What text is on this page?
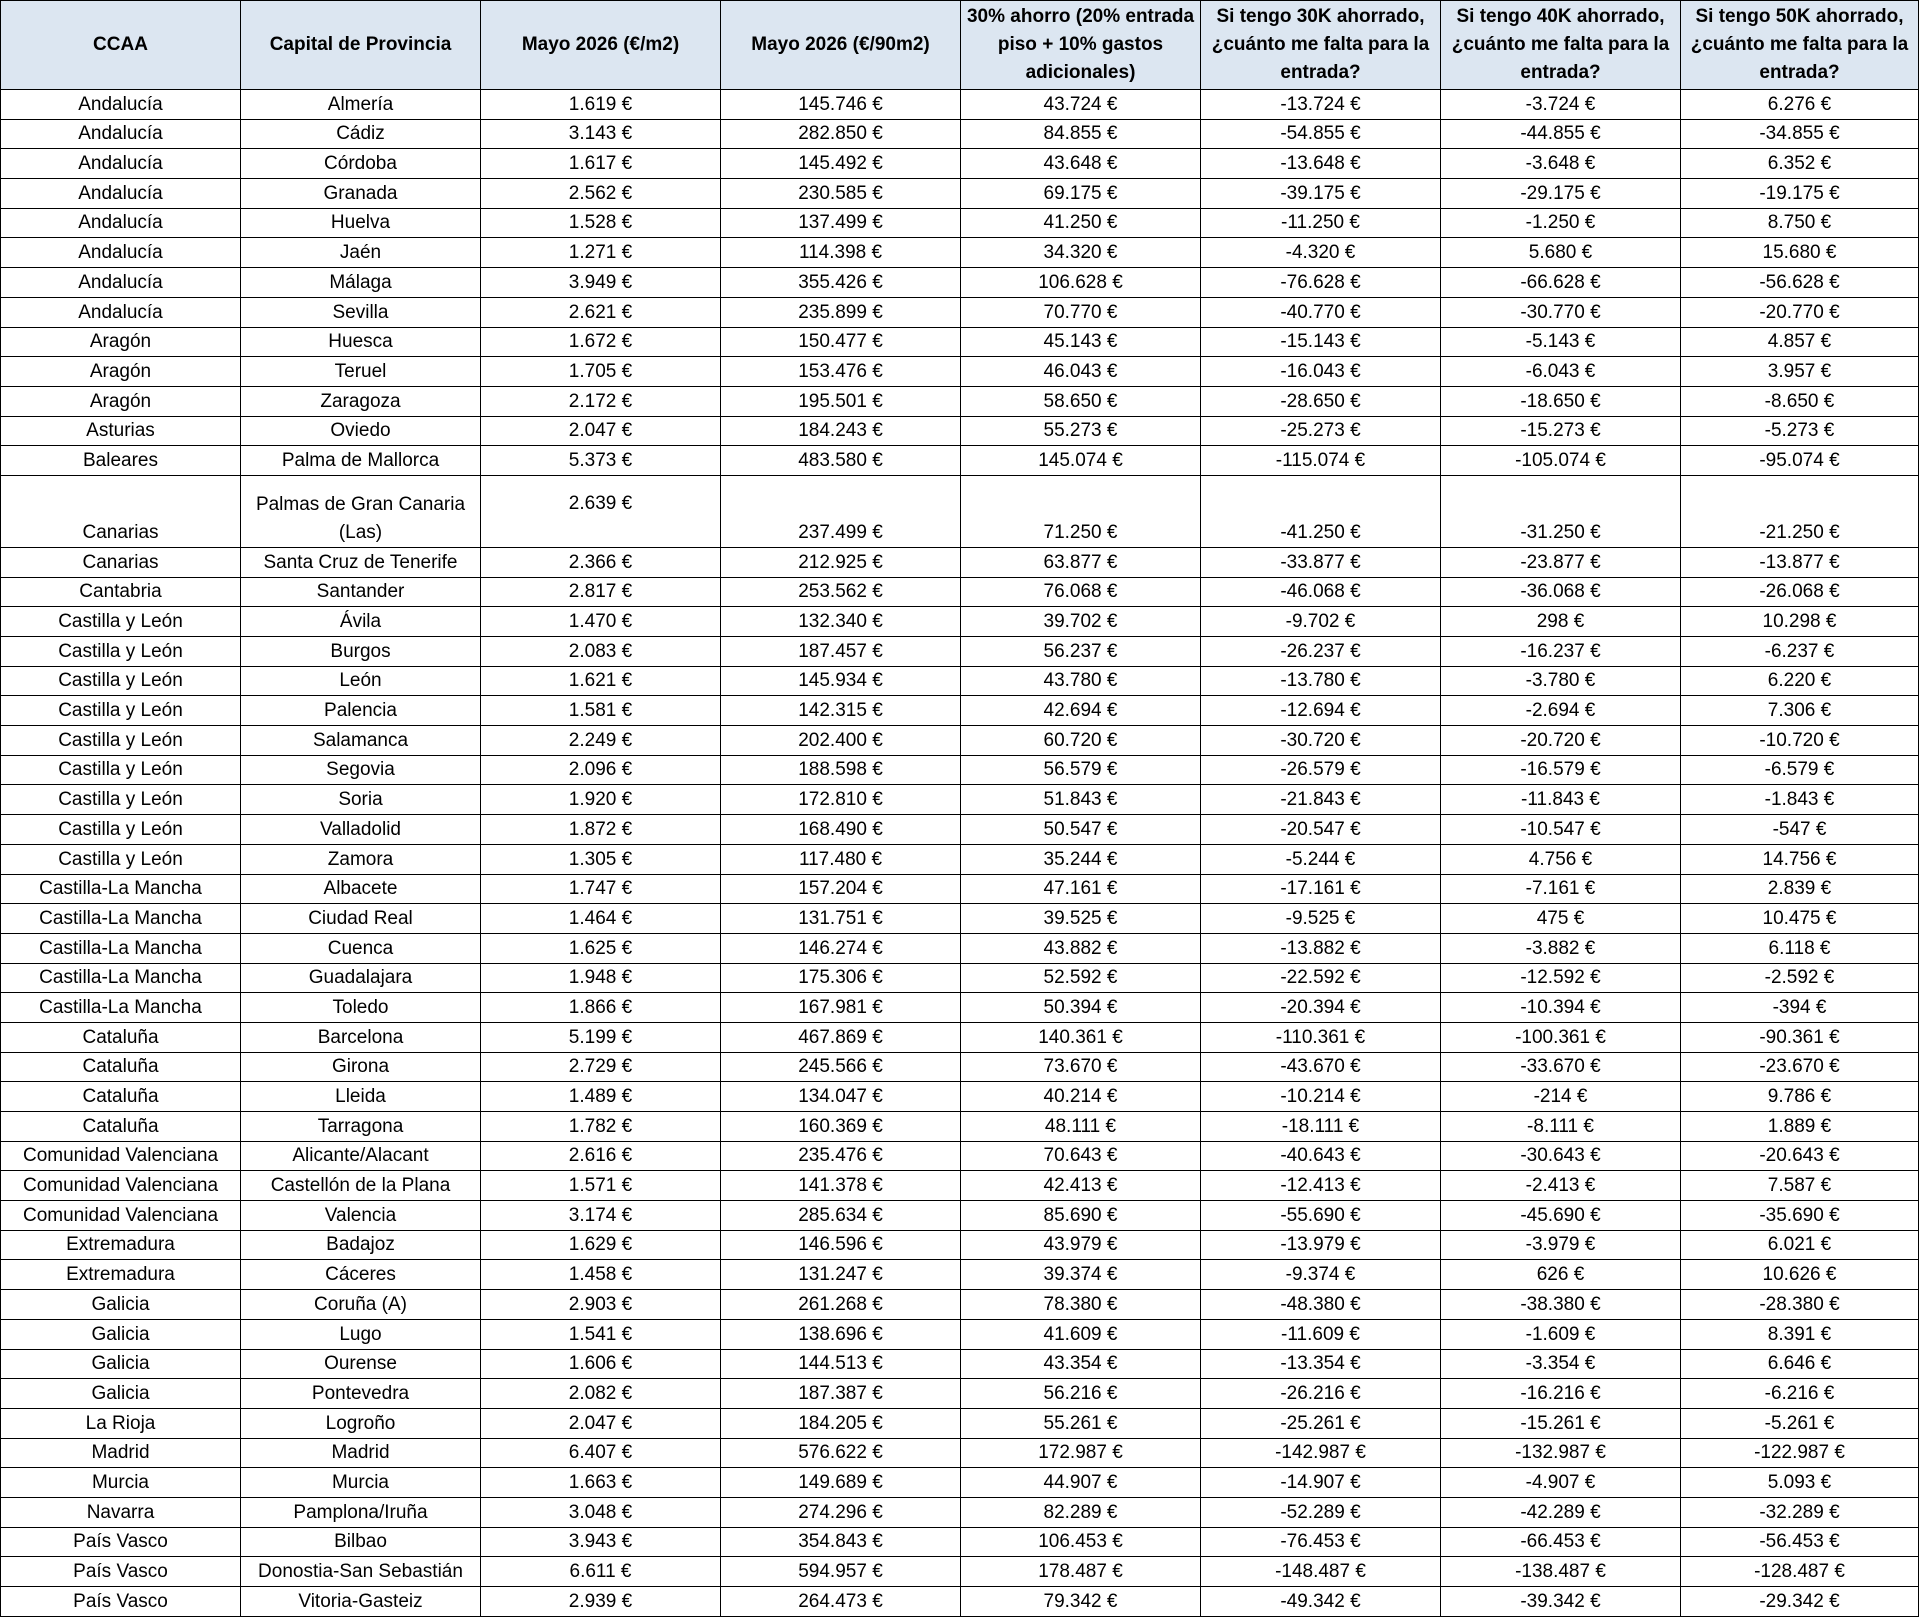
CCAA	Capital de Provincia	Mayo 2026 (€/m2)	Mayo 2026 (€/90m2)	30% ahorro (20% entrada piso + 10% gastos adicionales)	Si tengo 30K ahorrado, ¿cuánto me falta para la entrada?	Si tengo 40K ahorrado, ¿cuánto me falta para la entrada?	Si tengo 50K ahorrado, ¿cuánto me falta para la entrada?
Andalucía	Almería	1.619 €	145.746 €	43.724 €	-13.724 €	-3.724 €	6.276 €
Andalucía	Cádiz	3.143 €	282.850 €	84.855 €	-54.855 €	-44.855 €	-34.855 €
Andalucía	Córdoba	1.617 €	145.492 €	43.648 €	-13.648 €	-3.648 €	6.352 €
Andalucía	Granada	2.562 €	230.585 €	69.175 €	-39.175 €	-29.175 €	-19.175 €
Andalucía	Huelva	1.528 €	137.499 €	41.250 €	-11.250 €	-1.250 €	8.750 €
Andalucía	Jaén	1.271 €	114.398 €	34.320 €	-4.320 €	5.680 €	15.680 €
Andalucía	Málaga	3.949 €	355.426 €	106.628 €	-76.628 €	-66.628 €	-56.628 €
Andalucía	Sevilla	2.621 €	235.899 €	70.770 €	-40.770 €	-30.770 €	-20.770 €
Aragón	Huesca	1.672 €	150.477 €	45.143 €	-15.143 €	-5.143 €	4.857 €
Aragón	Teruel	1.705 €	153.476 €	46.043 €	-16.043 €	-6.043 €	3.957 €
Aragón	Zaragoza	2.172 €	195.501 €	58.650 €	-28.650 €	-18.650 €	-8.650 €
Asturias	Oviedo	2.047 €	184.243 €	55.273 €	-25.273 €	-15.273 €	-5.273 €
Baleares	Palma de Mallorca	5.373 €	483.580 €	145.074 €	-115.074 €	-105.074 €	-95.074 €
Canarias	Palmas de Gran Canaria (Las)	2.639 €	237.499 €	71.250 €	-41.250 €	-31.250 €	-21.250 €
Canarias	Santa Cruz de Tenerife	2.366 €	212.925 €	63.877 €	-33.877 €	-23.877 €	-13.877 €
Cantabria	Santander	2.817 €	253.562 €	76.068 €	-46.068 €	-36.068 €	-26.068 €
Castilla y León	Ávila	1.470 €	132.340 €	39.702 €	-9.702 €	298 €	10.298 €
Castilla y León	Burgos	2.083 €	187.457 €	56.237 €	-26.237 €	-16.237 €	-6.237 €
Castilla y León	León	1.621 €	145.934 €	43.780 €	-13.780 €	-3.780 €	6.220 €
Castilla y León	Palencia	1.581 €	142.315 €	42.694 €	-12.694 €	-2.694 €	7.306 €
Castilla y León	Salamanca	2.249 €	202.400 €	60.720 €	-30.720 €	-20.720 €	-10.720 €
Castilla y León	Segovia	2.096 €	188.598 €	56.579 €	-26.579 €	-16.579 €	-6.579 €
Castilla y León	Soria	1.920 €	172.810 €	51.843 €	-21.843 €	-11.843 €	-1.843 €
Castilla y León	Valladolid	1.872 €	168.490 €	50.547 €	-20.547 €	-10.547 €	-547 €
Castilla y León	Zamora	1.305 €	117.480 €	35.244 €	-5.244 €	4.756 €	14.756 €
Castilla-La Mancha	Albacete	1.747 €	157.204 €	47.161 €	-17.161 €	-7.161 €	2.839 €
Castilla-La Mancha	Ciudad Real	1.464 €	131.751 €	39.525 €	-9.525 €	475 €	10.475 €
Castilla-La Mancha	Cuenca	1.625 €	146.274 €	43.882 €	-13.882 €	-3.882 €	6.118 €
Castilla-La Mancha	Guadalajara	1.948 €	175.306 €	52.592 €	-22.592 €	-12.592 €	-2.592 €
Castilla-La Mancha	Toledo	1.866 €	167.981 €	50.394 €	-20.394 €	-10.394 €	-394 €
Cataluña	Barcelona	5.199 €	467.869 €	140.361 €	-110.361 €	-100.361 €	-90.361 €
Cataluña	Girona	2.729 €	245.566 €	73.670 €	-43.670 €	-33.670 €	-23.670 €
Cataluña	Lleida	1.489 €	134.047 €	40.214 €	-10.214 €	-214 €	9.786 €
Cataluña	Tarragona	1.782 €	160.369 €	48.111 €	-18.111 €	-8.111 €	1.889 €
Comunidad Valenciana	Alicante/Alacant	2.616 €	235.476 €	70.643 €	-40.643 €	-30.643 €	-20.643 €
Comunidad Valenciana	Castellón de la Plana	1.571 €	141.378 €	42.413 €	-12.413 €	-2.413 €	7.587 €
Comunidad Valenciana	Valencia	3.174 €	285.634 €	85.690 €	-55.690 €	-45.690 €	-35.690 €
Extremadura	Badajoz	1.629 €	146.596 €	43.979 €	-13.979 €	-3.979 €	6.021 €
Extremadura	Cáceres	1.458 €	131.247 €	39.374 €	-9.374 €	626 €	10.626 €
Galicia	Coruña (A)	2.903 €	261.268 €	78.380 €	-48.380 €	-38.380 €	-28.380 €
Galicia	Lugo	1.541 €	138.696 €	41.609 €	-11.609 €	-1.609 €	8.391 €
Galicia	Ourense	1.606 €	144.513 €	43.354 €	-13.354 €	-3.354 €	6.646 €
Galicia	Pontevedra	2.082 €	187.387 €	56.216 €	-26.216 €	-16.216 €	-6.216 €
La Rioja	Logroño	2.047 €	184.205 €	55.261 €	-25.261 €	-15.261 €	-5.261 €
Madrid	Madrid	6.407 €	576.622 €	172.987 €	-142.987 €	-132.987 €	-122.987 €
Murcia	Murcia	1.663 €	149.689 €	44.907 €	-14.907 €	-4.907 €	5.093 €
Navarra	Pamplona/Iruña	3.048 €	274.296 €	82.289 €	-52.289 €	-42.289 €	-32.289 €
País Vasco	Bilbao	3.943 €	354.843 €	106.453 €	-76.453 €	-66.453 €	-56.453 €
País Vasco	Donostia-San Sebastián	6.611 €	594.957 €	178.487 €	-148.487 €	-138.487 €	-128.487 €
País Vasco	Vitoria-Gasteiz	2.939 €	264.473 €	79.342 €	-49.342 €	-39.342 €	-29.342 €
